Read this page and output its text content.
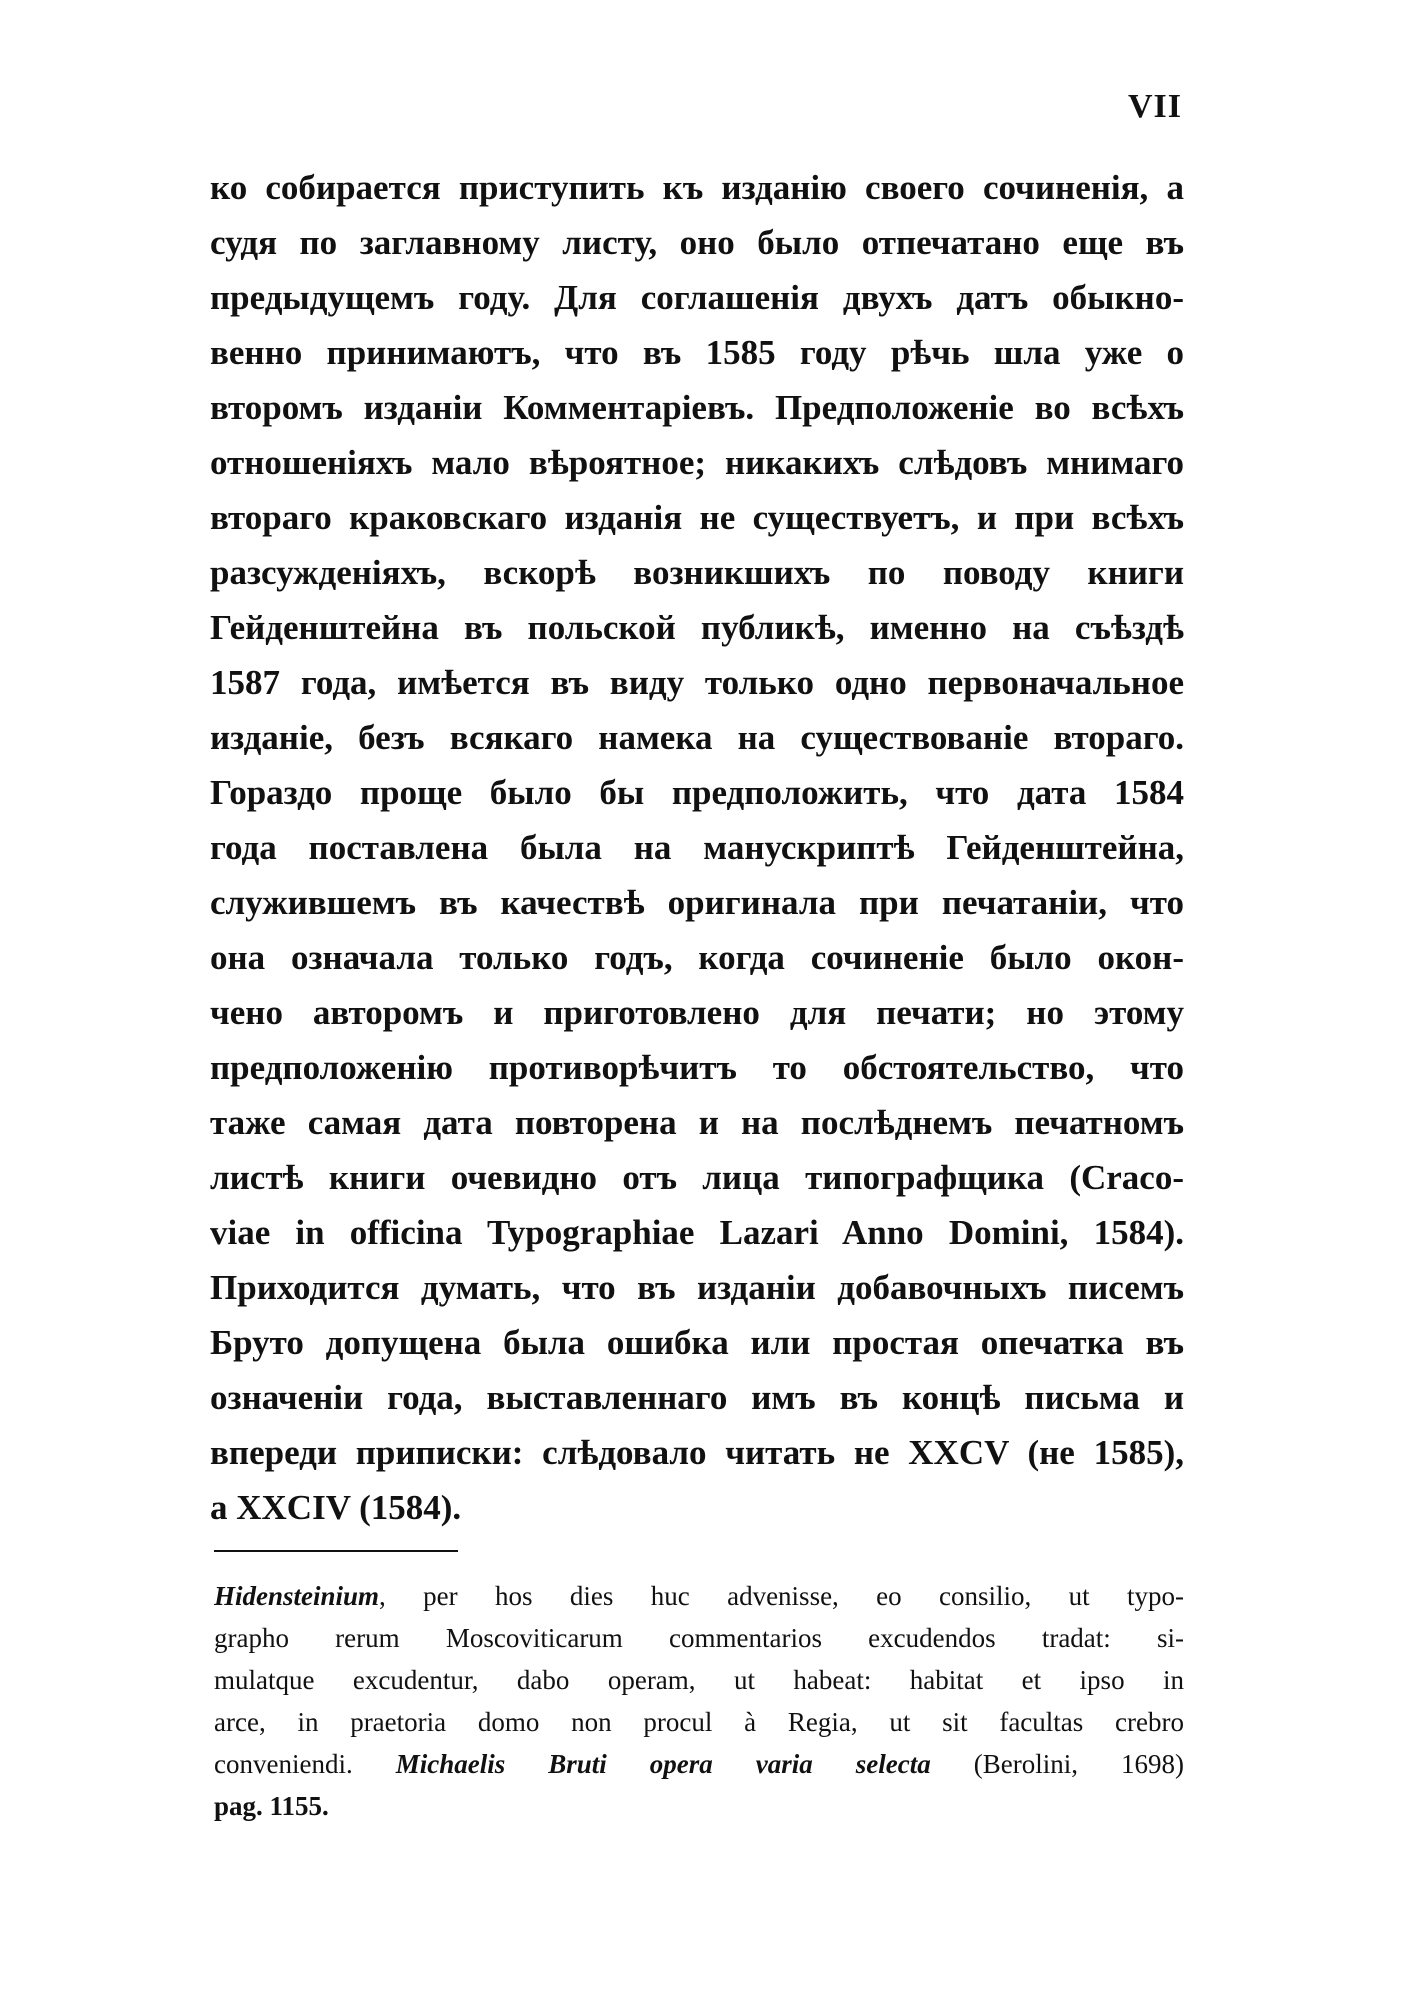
VII
ко собирается приступить къ изданію своего сочиненія, а
судя по заглавному листу, оно было отпечатано еще въ
предыдущемъ году. Для соглашенія двухъ датъ обыкно-
венно принимаютъ, что въ 1585 году рѣчь шла уже о
второмъ изданіи Комментаріевъ. Предположеніе во всѣхъ
отношеніяхъ мало вѣроятное; никакихъ слѣдовъ мнимаго
втораго краковскаго изданія не существуетъ, и при всѣхъ
разсужденіяхъ, вскорѣ возникшихъ по поводу книги
Гейденштейна въ польской публикѣ, именно на съѣздѣ
1587 года, имѣется въ виду только одно первоначальное
изданіе, безъ всякаго намека на существованіе втораго.
Гораздо проще было бы предположить, что дата 1584
года поставлена была на манускриптѣ Гейденштейна,
служившемъ въ качествѣ оригинала при печатаніи, что
она означала только годъ, когда сочиненіе было окон-
чено авторомъ и приготовлено для печати; но этому
предположенію противорѣчитъ то обстоятельство, что
таже самая дата повторена и на послѣднемъ печатномъ
листѣ книги очевидно отъ лица типографщика (Craco-
viae in officina Typographiae Lazari Anno Domini, 1584).
Приходится думать, что въ изданіи добавочныхъ писемъ
Бруто допущена была ошибка или простая опечатка въ
означеніи года, выставленнаго имъ въ концѣ письма и
впереди приписки: слѣдовало читать не XXCV (не 1585),
а XXCIV (1584).
Hidensteinium, per hos dies huc advenisse, eo consilio, ut typo-
grapho rerum Moscoviticarum commentarios excudendos tradat: si-
mulatque excudentur, dabo operam, ut habeat: habitat et ipso in
arce, in praetoria domo non procul à Regia, ut sit facultas crebro
conveniendi. Michaelis Bruti opera varia selecta (Berolini, 1698)
pag. 1155.
